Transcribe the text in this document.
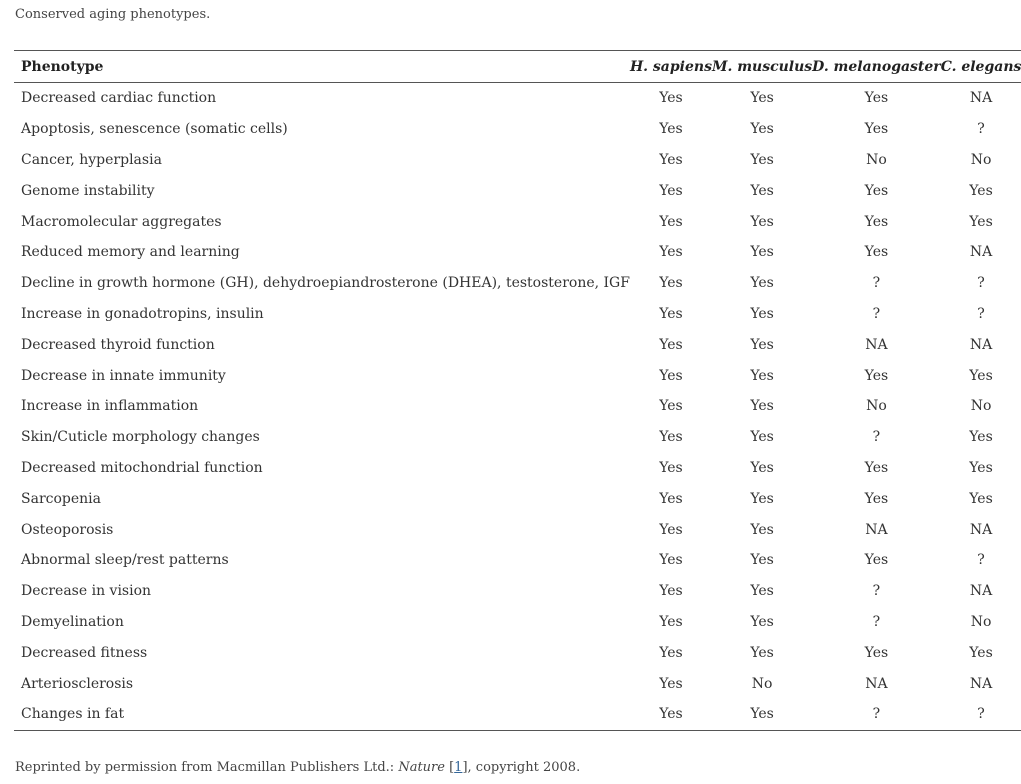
Conserved aging phenotypes.
Phenotype	H. sapiens	M. musculus	D. melanogaster	C. elegans
Decreased cardiac function	Yes	Yes	Yes	NA
Apoptosis, senescence (somatic cells)	Yes	Yes	Yes	?
Cancer, hyperplasia	Yes	Yes	No	No
Genome instability	Yes	Yes	Yes	Yes
Macromolecular aggregates	Yes	Yes	Yes	Yes
Reduced memory and learning	Yes	Yes	Yes	NA
Decline in growth hormone (GH), dehydroepiandrosterone (DHEA), testosterone, IGF	Yes	Yes	?	?
Increase in gonadotropins, insulin	Yes	Yes	?	?
Decreased thyroid function	Yes	Yes	NA	NA
Decrease in innate immunity	Yes	Yes	Yes	Yes
Increase in inflammation	Yes	Yes	No	No
Skin/Cuticle morphology changes	Yes	Yes	?	Yes
Decreased mitochondrial function	Yes	Yes	Yes	Yes
Sarcopenia	Yes	Yes	Yes	Yes
Osteoporosis	Yes	Yes	NA	NA
Abnormal sleep/rest patterns	Yes	Yes	Yes	?
Decrease in vision	Yes	Yes	?	NA
Demyelination	Yes	Yes	?	No
Decreased fitness	Yes	Yes	Yes	Yes
Arteriosclerosis	Yes	No	NA	NA
Changes in fat	Yes	Yes	?	?
Reprinted by permission from Macmillan Publishers Ltd.: Nature [1], copyright 2008.
